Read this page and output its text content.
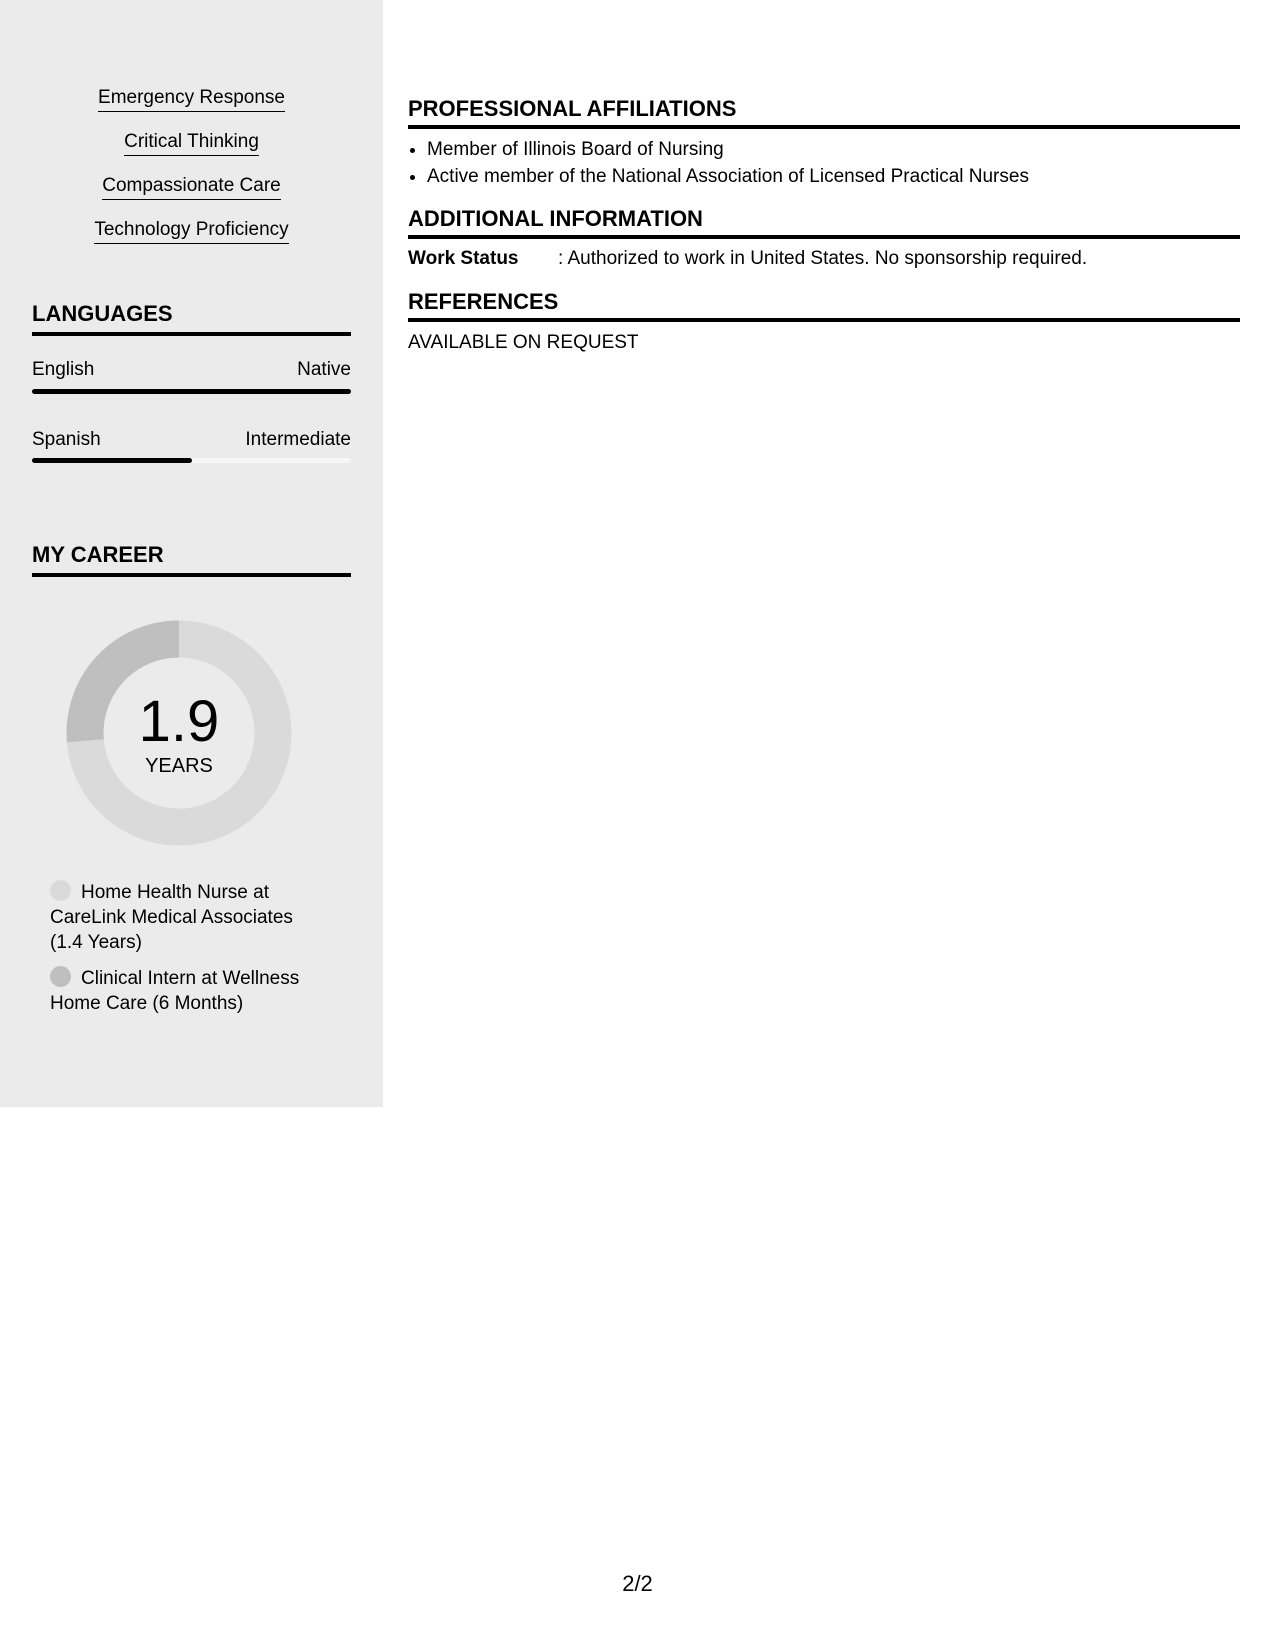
Emergency Response
Critical Thinking
Compassionate Care
Technology Proficiency
LANGUAGES
English	Native
Spanish	Intermediate
MY CAREER
1.9
YEARS
Home Health Nurse at CareLink Medical Associates (1.4 Years)
Clinical Intern at Wellness Home Care (6 Months)
PROFESSIONAL AFFILIATIONS
• Member of Illinois Board of Nursing
• Active member of the National Association of Licensed Practical Nurses
ADDITIONAL INFORMATION
Work Status : Authorized to work in United States. No sponsorship required.
REFERENCES
AVAILABLE ON REQUEST
2/2
